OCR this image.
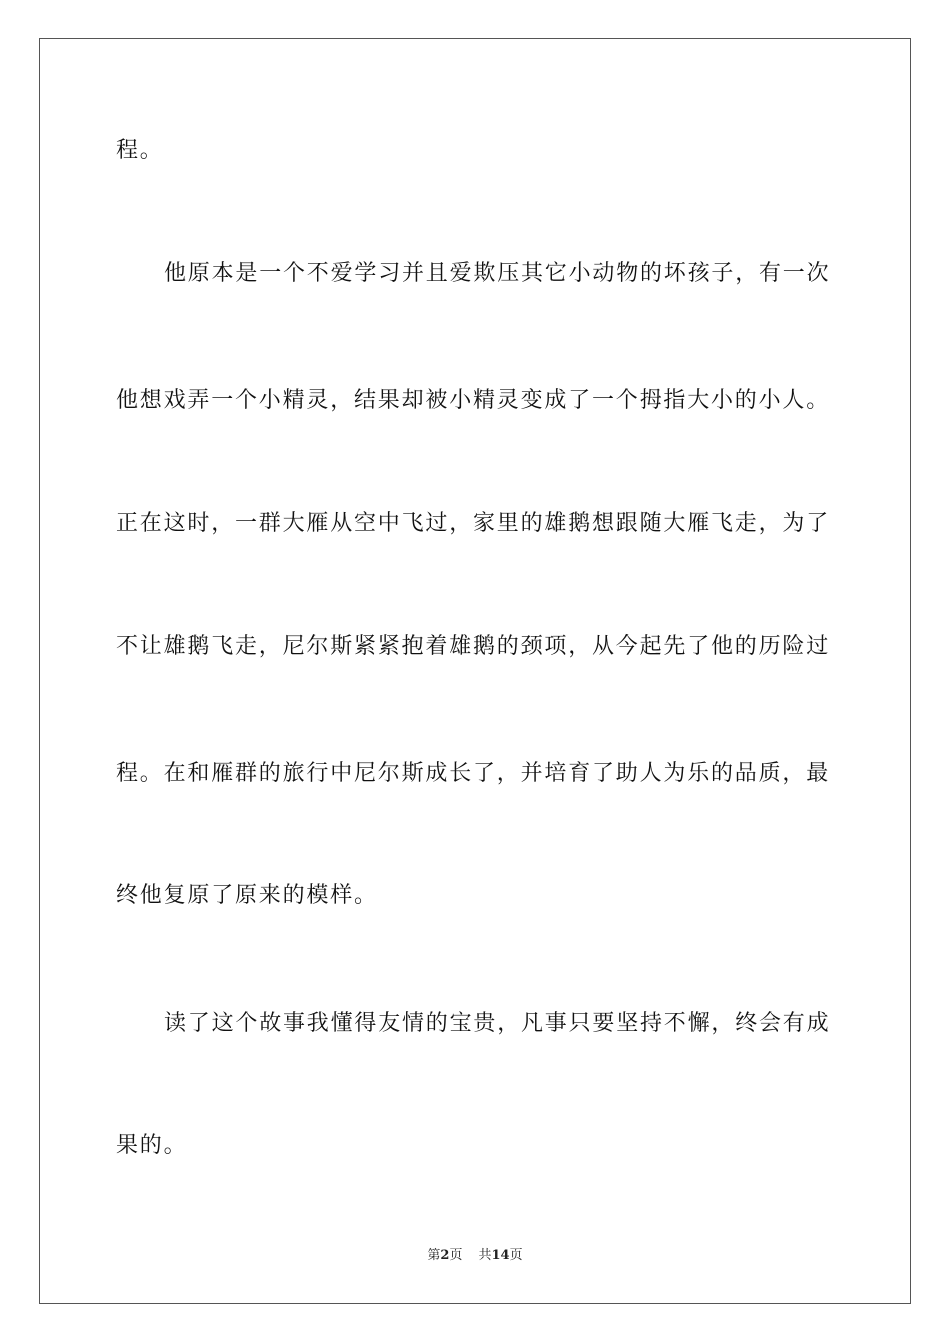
程。
他原本是一个不爱学习并且爱欺压其它小动物的坏孩子，有一次
他想戏弄一个小精灵，结果却被小精灵变成了一个拇指大小的小人。
正在这时，一群大雁从空中飞过，家里的雄鹅想跟随大雁飞走，为了
不让雄鹅飞走，尼尔斯紧紧抱着雄鹅的颈项，从今起先了他的历险过
程。在和雁群的旅行中尼尔斯成长了，并培育了助人为乐的品质，最
终他复原了原来的模样。
读了这个故事我懂得友情的宝贵，凡事只要坚持不懈，终会有成
果的。
第2页 共14页
